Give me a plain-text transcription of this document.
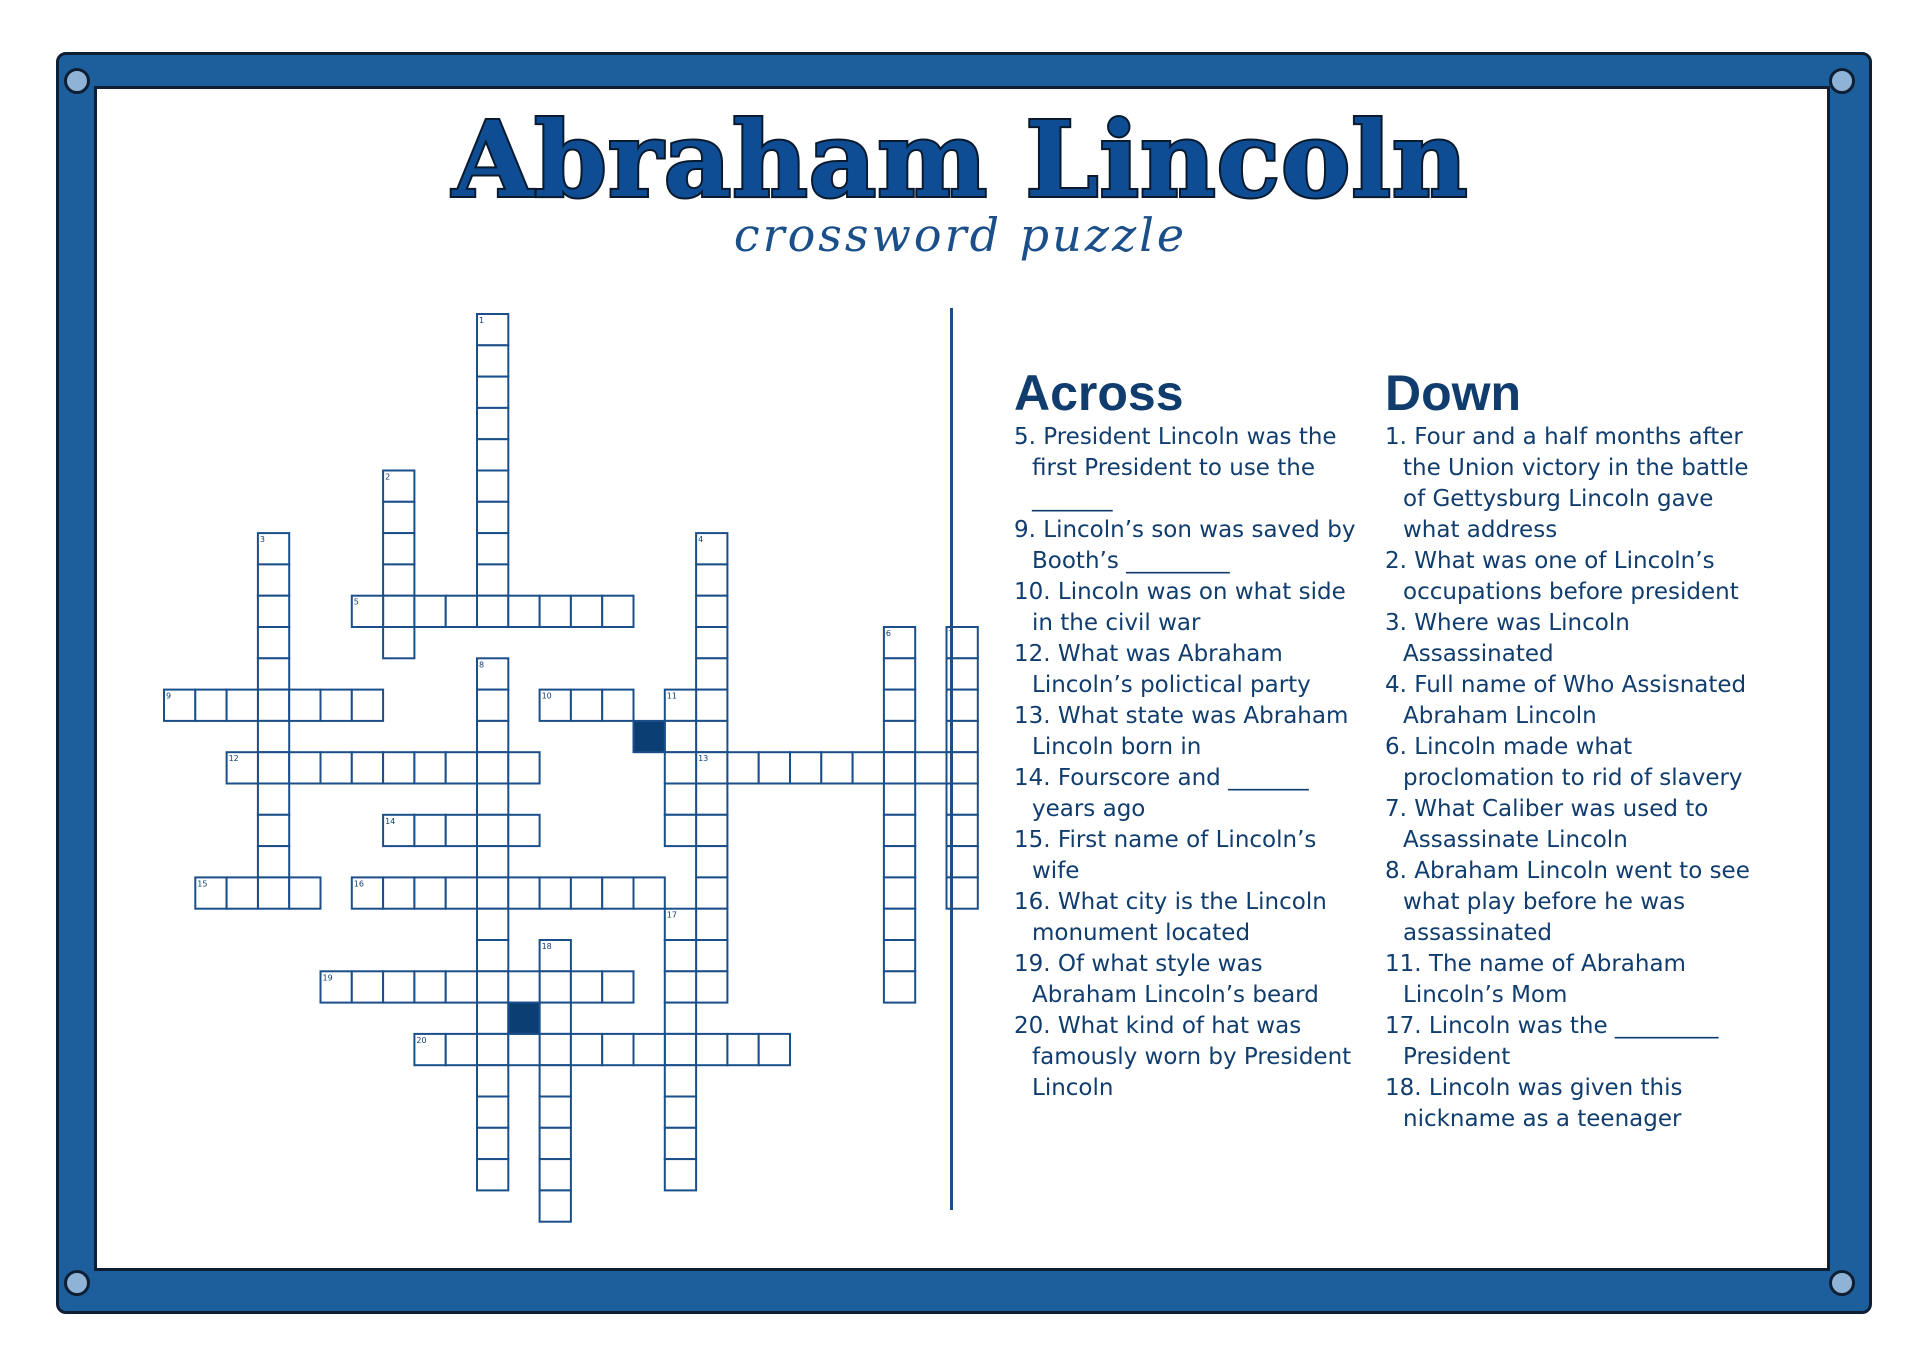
Abraham Lincoln
crossword puzzle
1
2
3	4
5
6
8
9	10	11
12	13
14
15	16
17
18
19
20
Across

5. President Lincoln was the first President to use the _______

9. Lincoln’s son was saved by Booth’s _________

10. Lincoln was on what side in the civil war

12. What was Abraham Lincoln’s polictical party

13. What state was Abraham Lincoln born in

14. Fourscore and _______ years ago

15. First name of Lincoln’s wife

16. What city is the Lincoln monument located

19. Of what style was Abraham Lincoln’s beard

20. What kind of hat was famously worn by President Lincoln

Down

1. Four and a half months after the Union victory in the battle of Gettysburg Lincoln gave what address

2. What was one of Lincoln’s occupations before president

3. Where was Lincoln Assassinated

4. Full name of Who Assisnated Abraham Lincoln

6. Lincoln made what proclomation to rid of slavery

7. What Caliber was used to Assassinate Lincoln

8. Abraham Lincoln went to see what play before he was assassinated

11. The name of Abraham Lincoln’s Mom

17. Lincoln was the _________ President

18. Lincoln was given this nickname as a teenager
